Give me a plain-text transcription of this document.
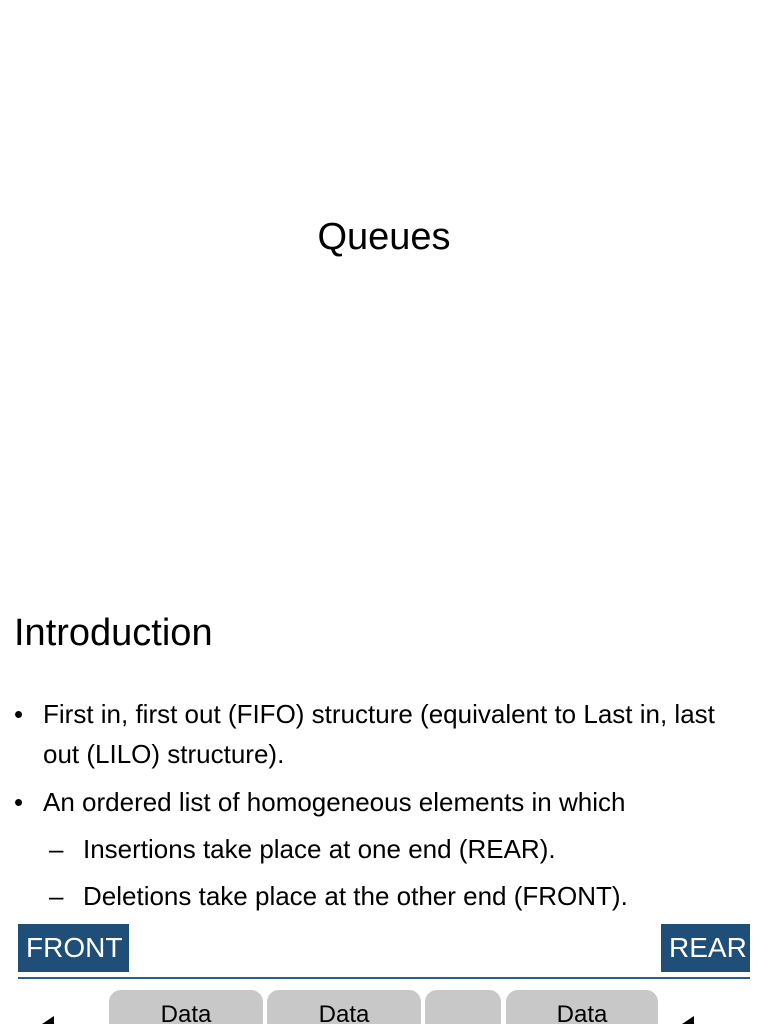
Queues
Introduction
• First in, first out (FIFO) structure (equivalent to Last in, last out (LILO) structure).
• An ordered list of homogeneous elements in which
– Insertions take place at one end (REAR).
– Deletions take place at the other end (FRONT).
FRONT	REAR
Data	Data	Data
